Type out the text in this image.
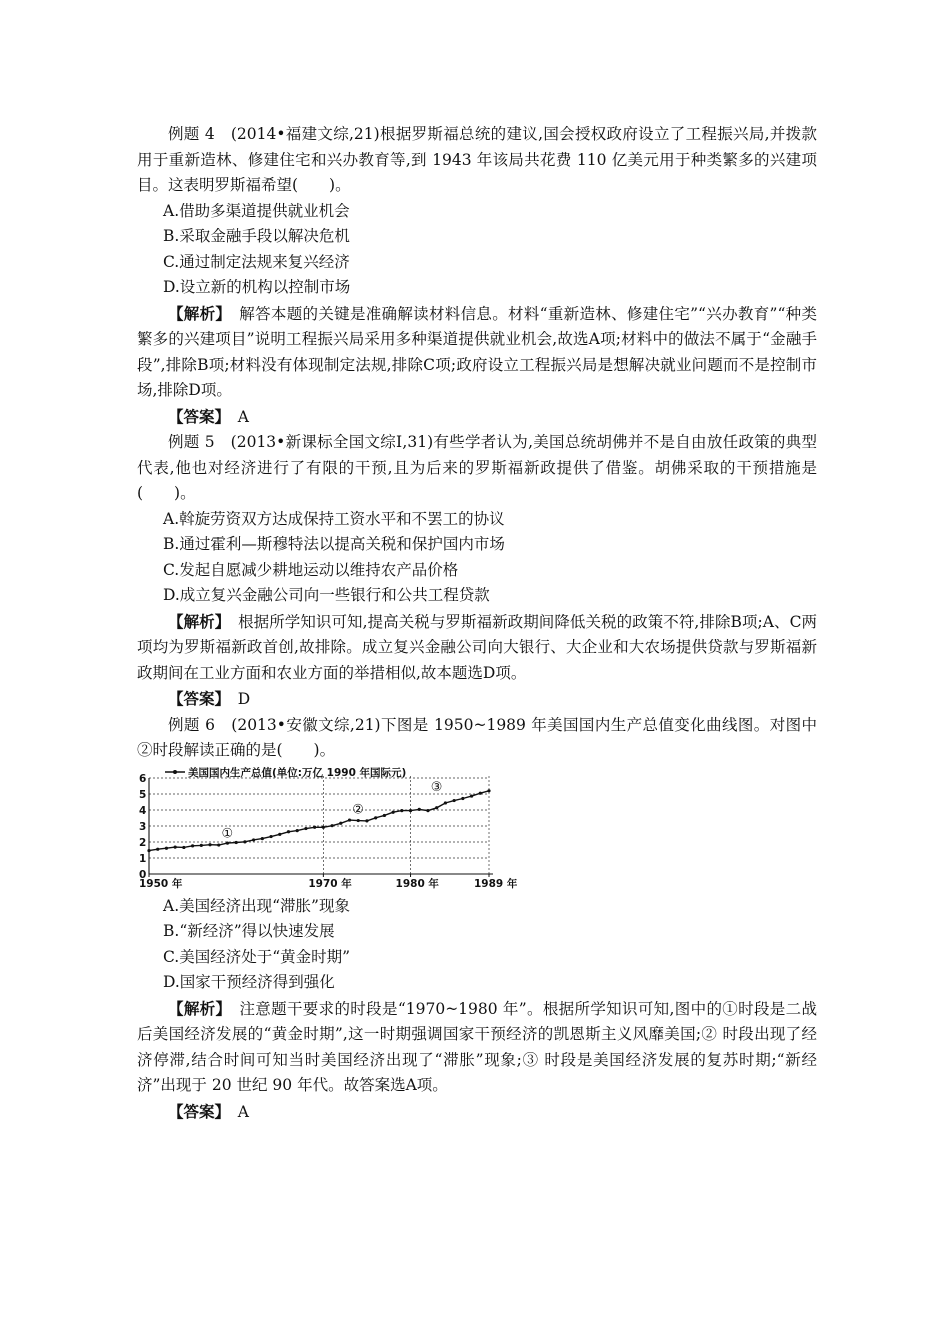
例题 4　(2014•福建文综,21)根据罗斯福总统的建议,国会授权政府设立了工程振兴局,并拨款用于重新造林、修建住宅和兴办教育等,到 1943 年该局共花费 110 亿美元用于种类繁多的兴建项目。这表明罗斯福希望(　　)。

A.借助多渠道提供就业机会

B.采取金融手段以解决危机

C.通过制定法规来复兴经济

D.设立新的机构以控制市场

【解析】　解答本题的关键是准确解读材料信息。材料“重新造林、修建住宅”“兴办教育”“种类繁多的兴建项目”说明工程振兴局采用多种渠道提供就业机会,故选A项;材料中的做法不属于“金融手段”,排除B项;材料没有体现制定法规,排除C项;政府设立工程振兴局是想解决就业问题而不是控制市场,排除D项。

【答案】　A

例题 5　(2013•新课标全国文综Ⅰ,31)有些学者认为,美国总统胡佛并不是自由放任政策的典型代表,他也对经济进行了有限的干预,且为后来的罗斯福新政提供了借鉴。胡佛采取的干预措施是(　　)。

A.斡旋劳资双方达成保持工资水平和不罢工的协议

B.通过霍利—斯穆特法以提高关税和保护国内市场

C.发起自愿减少耕地运动以维持农产品价格

D.成立复兴金融公司向一些银行和公共工程贷款

【解析】　根据所学知识可知,提高关税与罗斯福新政期间降低关税的政策不符,排除B项;A、C两项均为罗斯福新政首创,故排除。成立复兴金融公司向大银行、大企业和大农场提供贷款与罗斯福新政期间在工业方面和农业方面的举措相似,故本题选D项。

【答案】　D

例题 6　(2013•安徽文综,21)下图是 1950~1989 年美国国内生产总值变化曲线图。对图中②时段解读正确的是(　　)。

0
1
2
3
4
5
6
1950 年	1970 年	1980 年	1989 年
美国国内生产总值(单位:万亿 1990 年国际元)
①
②
③

A.美国经济出现“滞胀”现象

B.“新经济”得以快速发展

C.美国经济处于“黄金时期”

D.国家干预经济得到强化

【解析】　注意题干要求的时段是“1970~1980 年”。根据所学知识可知,图中的①时段是二战后美国经济发展的“黄金时期”,这一时期强调国家干预经济的凯恩斯主义风靡美国;② 时段出现了经济停滞,结合时间可知当时美国经济出现了“滞胀”现象;③ 时段是美国经济发展的复苏时期;“新经济”出现于 20 世纪 90 年代。故答案选A项。

【答案】　A
